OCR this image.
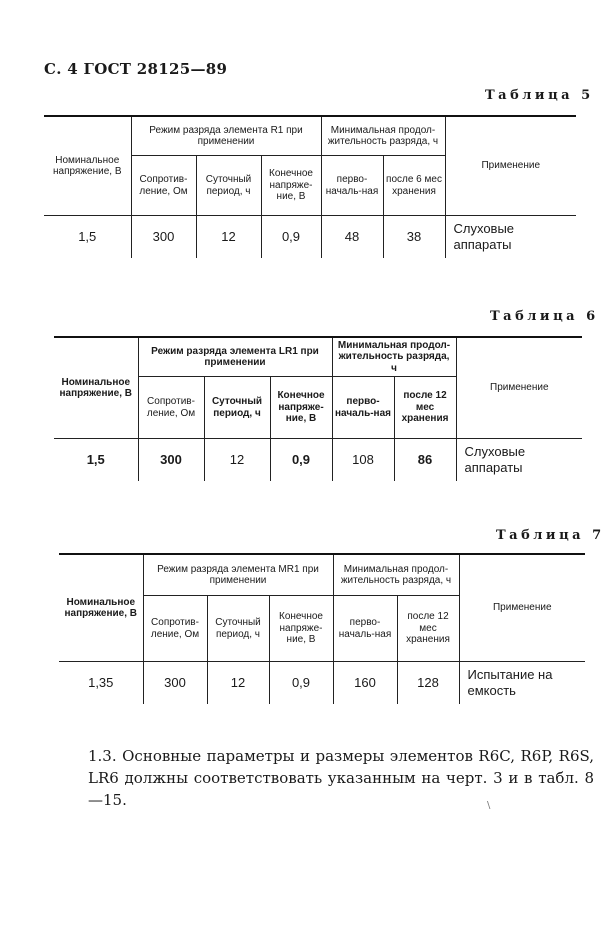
С. 4 ГОСТ 28125—89
Таблица 5
Номинальное напряжение, В	Режим разряда элемента R1 при применении			Минимальная продол-жительность разряда, ч		Применение
	Сопротив-ление, Ом	Суточный период, ч	Конечное напряже-ние, В	перво-началь-ная	после 6 мес хранения	
1,5	300	12	0,9	48	38	Слуховые аппараты
Таблица 6
Номинальное напряжение, В	Режим разряда элемента LR1 при применении			Минимальная продол-жительность разряда, ч		Применение
	Сопротив-ление, Ом	Суточный период, ч	Конечное напряже-ние, В	перво-началь-ная	после 12 мес хранения	
1,5	300	12	0,9	108	86	Слуховые аппараты
Таблица 7
Номинальное напряжение, В	Режим разряда элемента MR1 при применении			Минимальная продол-жительность разряда, ч		Применение
	Сопротив-ление, Ом	Суточный период, ч	Конечное напряже-ние, В	перво-началь-ная	после 12 мес хранения	
1,35	300	12	0,9	160	128	Испытание на емкость
1.3. Основные параметры и размеры элементов R6C, R6P, R6S, LR6 должны соответствовать указанным на черт. 3 и в табл. 8—15.	\
